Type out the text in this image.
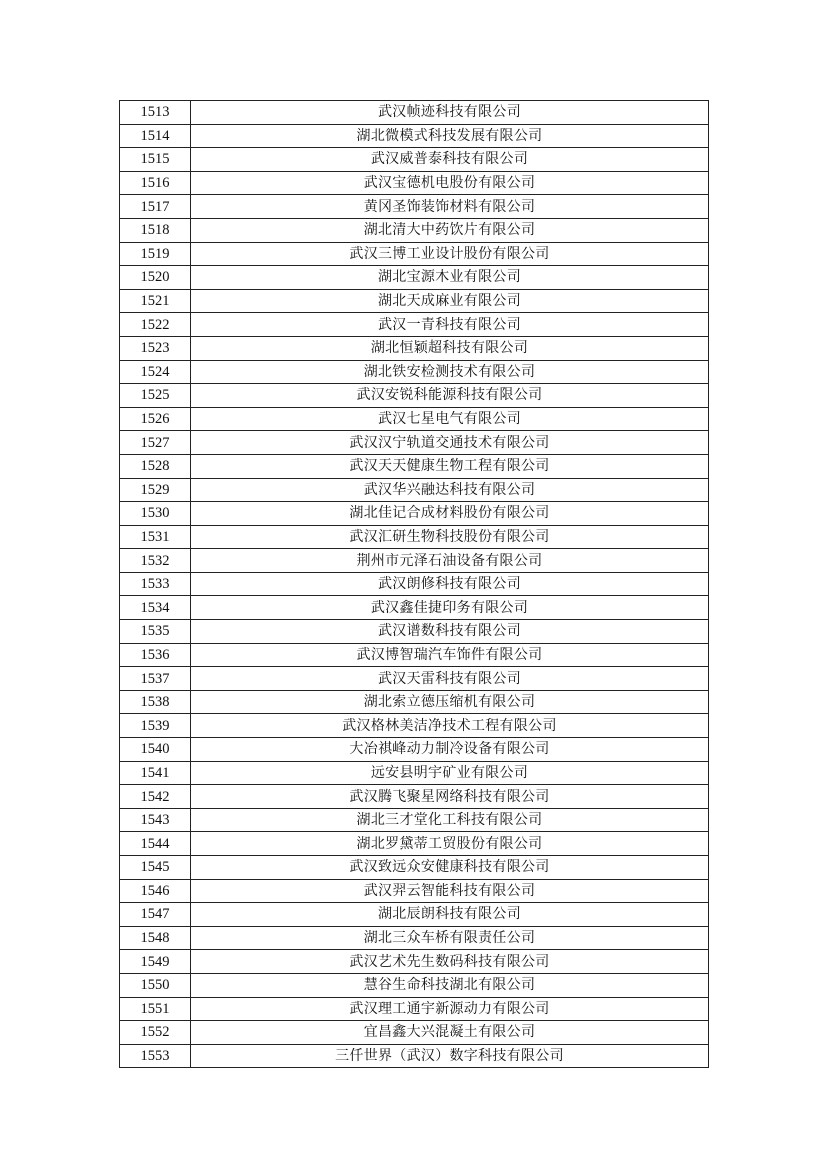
1513	武汉帧迹科技有限公司
1514	湖北微模式科技发展有限公司
1515	武汉威普泰科技有限公司
1516	武汉宝德机电股份有限公司
1517	黄冈圣饰装饰材料有限公司
1518	湖北清大中药饮片有限公司
1519	武汉三博工业设计股份有限公司
1520	湖北宝源木业有限公司
1521	湖北天成麻业有限公司
1522	武汉一青科技有限公司
1523	湖北恒颖超科技有限公司
1524	湖北铁安检测技术有限公司
1525	武汉安锐科能源科技有限公司
1526	武汉七星电气有限公司
1527	武汉汉宁轨道交通技术有限公司
1528	武汉天天健康生物工程有限公司
1529	武汉华兴融达科技有限公司
1530	湖北佳记合成材料股份有限公司
1531	武汉汇研生物科技股份有限公司
1532	荆州市元泽石油设备有限公司
1533	武汉朗修科技有限公司
1534	武汉鑫佳捷印务有限公司
1535	武汉谱数科技有限公司
1536	武汉博智瑞汽车饰件有限公司
1537	武汉天雷科技有限公司
1538	湖北索立德压缩机有限公司
1539	武汉格林美洁净技术工程有限公司
1540	大冶祺峰动力制冷设备有限公司
1541	远安县明宇矿业有限公司
1542	武汉腾飞聚星网络科技有限公司
1543	湖北三才堂化工科技有限公司
1544	湖北罗黛蒂工贸股份有限公司
1545	武汉致远众安健康科技有限公司
1546	武汉羿云智能科技有限公司
1547	湖北辰朗科技有限公司
1548	湖北三众车桥有限责任公司
1549	武汉艺术先生数码科技有限公司
1550	慧谷生命科技湖北有限公司
1551	武汉理工通宇新源动力有限公司
1552	宜昌鑫大兴混凝土有限公司
1553	三仟世界（武汉）数字科技有限公司
